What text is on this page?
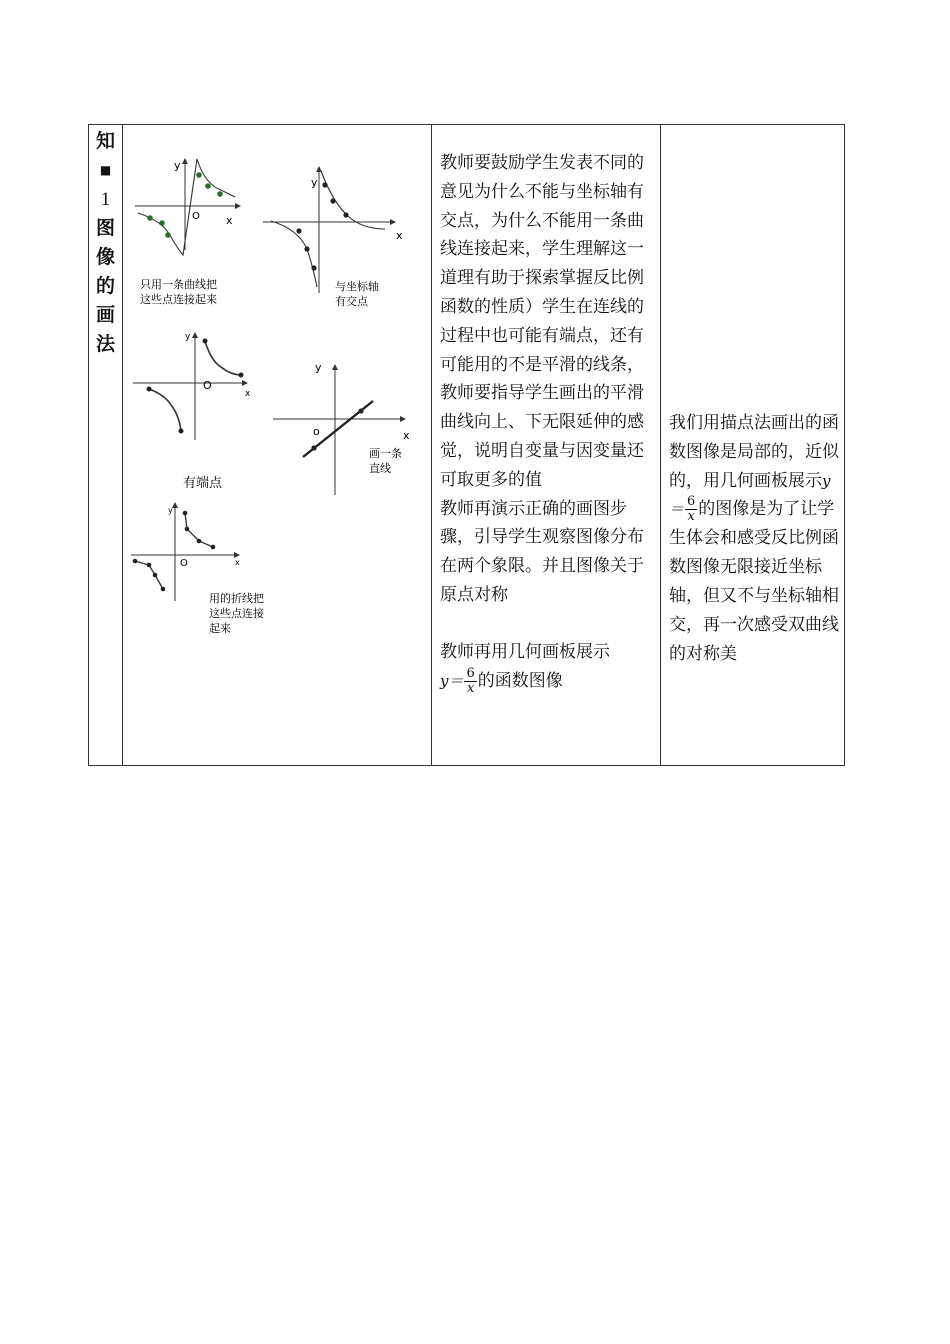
知
■
1
图
像
的
画
法
y
x
O
只用一条曲线把
这些点连接起来
y
x
与坐标轴
有交点
y
x
O
有端点
y
x
o
画一条
直线
y
x
O
用的折线把
这些点连接
起来

教师要鼓励学生发表不同的意见为什么不能与坐标轴有交点，为什么不能用一条曲线连接起来，学生理解这一道理有助于探索掌握反比例函数的性质）学生在连线的过程中也可能有端点，还有可能用的不是平滑的线条，教师要指导学生画出的平滑曲线向上、下无限延伸的感觉，说明自变量与因变量还可取更多的值

教师再演示正确的画图步骤，引导学生观察图像分布在两个象限。并且图像关于原点对称

教师再用几何画板展示
$y= \frac{6}{x}$ 的函数图像

我们用描点法画出的函数图像是局部的，近似的，用几何画板展示$y= \frac{6}{x}$ 的图像是为了让学生体会和感受反比例函数图像无限接近坐标轴，但又不与坐标轴相交，再一次感受双曲线的对称美
